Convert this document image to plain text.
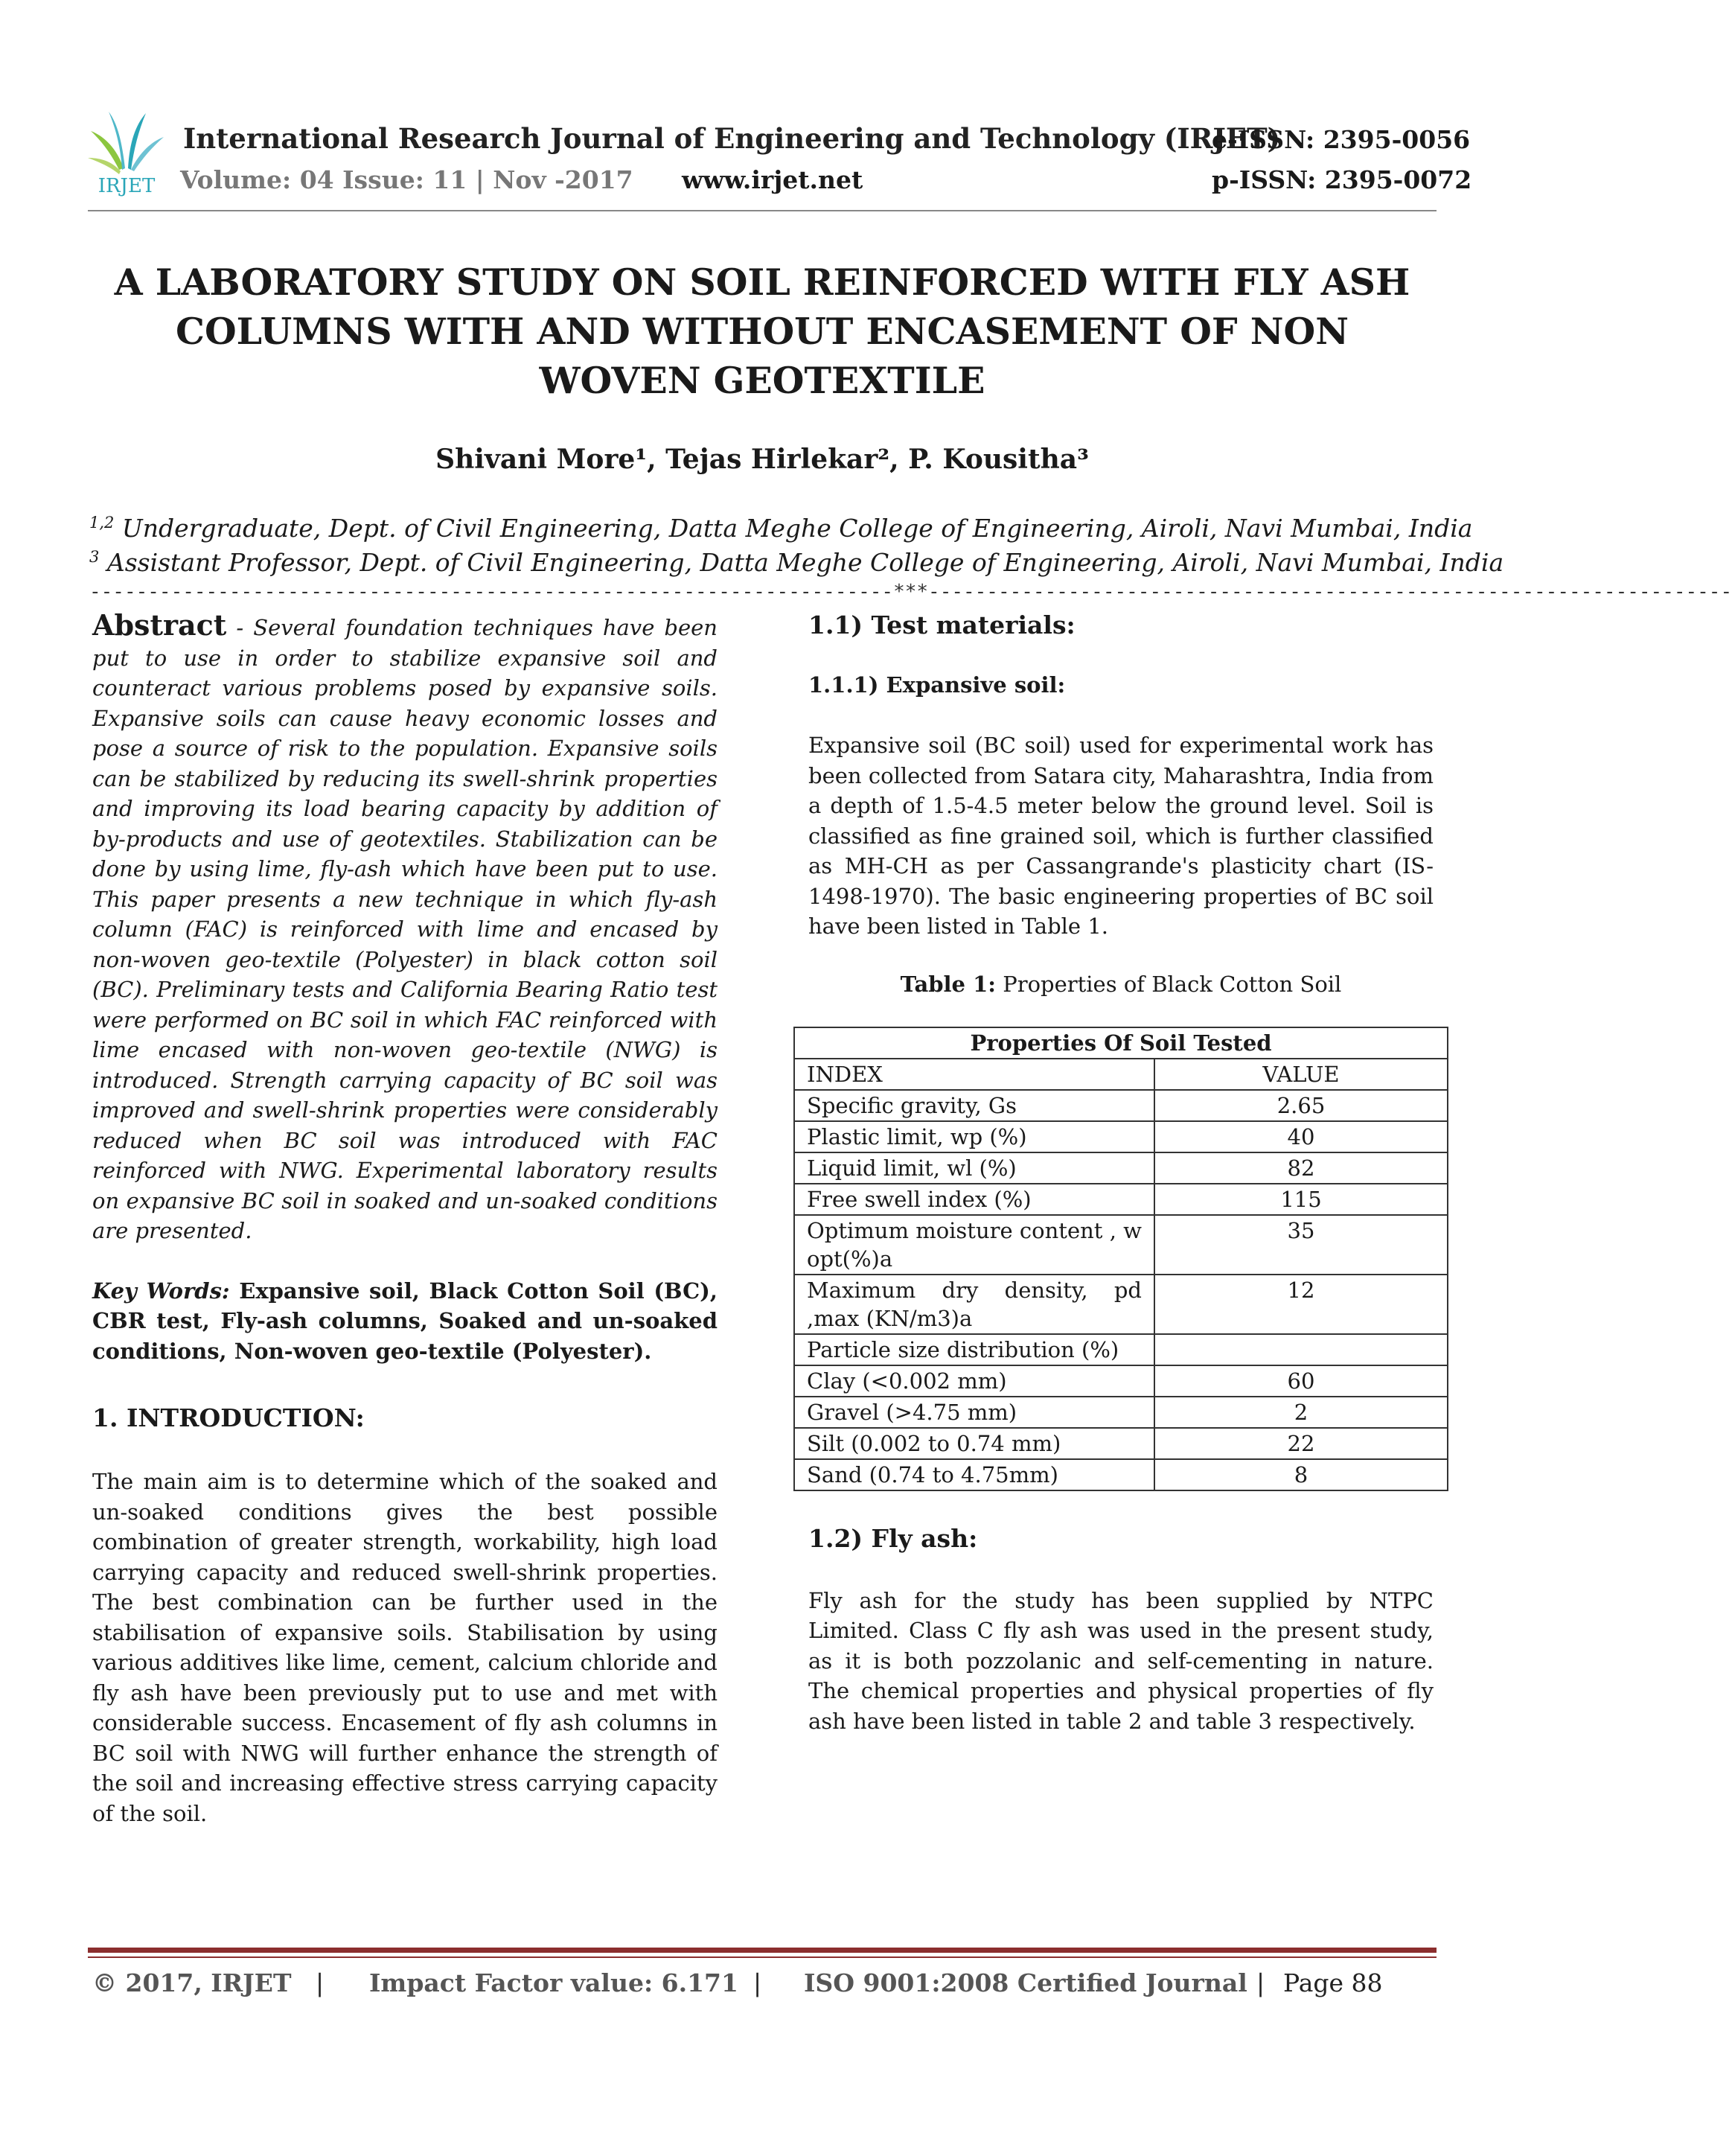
IRJET
International Research Journal of Engineering and Technology (IRJET)
e-ISSN: 2395-0056
Volume: 04 Issue: 11 | Nov -2017 www.irjet.net	p-ISSN: 2395-0072
A LABORATORY STUDY ON SOIL REINFORCED WITH FLY ASH COLUMNS WITH AND WITHOUT ENCASEMENT OF NON WOVEN GEOTEXTILE
Shivani More¹, Tejas Hirlekar², P. Kousitha³
$^{1,2}$ Undergraduate, Dept. of Civil Engineering, Datta Meghe College of Engineering, Airoli, Navi Mumbai, India
$^3$ Assistant Professor, Dept. of Civil Engineering, Datta Meghe College of Engineering, Airoli, Navi Mumbai, India
---------------------------------------------------------------------***---------------------------------------------------------------------

Abstract - Several foundation techniques have been put to use in order to stabilize expansive soil and counteract various problems posed by expansive soils. Expansive soils can cause heavy economic losses and pose a source of risk to the population. Expansive soils can be stabilized by reducing its swell-shrink properties and improving its load bearing capacity by addition of by-products and use of geotextiles. Stabilization can be done by using lime, fly-ash which have been put to use. This paper presents a new technique in which fly-ash column (FAC) is reinforced with lime and encased by non-woven geo-textile (Polyester) in black cotton soil (BC). Preliminary tests and California Bearing Ratio test were performed on BC soil in which FAC reinforced with lime encased with non-woven geo-textile (NWG) is introduced. Strength carrying capacity of BC soil was improved and swell-shrink properties were considerably reduced when BC soil was introduced with FAC reinforced with NWG. Experimental laboratory results on expansive BC soil in soaked and un-soaked conditions are presented.

Key Words: Expansive soil, Black Cotton Soil (BC), CBR test, Fly-ash columns, Soaked and un-soaked conditions, Non-woven geo-textile (Polyester).

1. INTRODUCTION:

The main aim is to determine which of the soaked and un-soaked conditions gives the best possible combination of greater strength, workability, high load carrying capacity and reduced swell-shrink properties. The best combination can be further used in the stabilisation of expansive soils. Stabilisation by using various additives like lime, cement, calcium chloride and fly ash have been previously put to use and met with considerable success. Encasement of fly ash columns in BC soil with NWG will further enhance the strength of the soil and increasing effective stress carrying capacity of the soil.

1.1) Test materials:
1.1.1) Expansive soil:

Expansive soil (BC soil) used for experimental work has been collected from Satara city, Maharashtra, India from a depth of 1.5-4.5 meter below the ground level. Soil is classified as fine grained soil, which is further classified as MH-CH as per Cassangrande's plasticity chart (IS-1498-1970). The basic engineering properties of BC soil have been listed in Table 1.

Table 1: Properties of Black Cotton Soil

Properties Of Soil Tested	
INDEX	VALUE
Specific gravity, Gs	2.65
Plastic limit, wp (%)	40
Liquid limit, wl (%)	82
Free swell index (%)	115
Optimum moisture content , w opt(%)a	35
Maximum dry density, pd ,max (KN/m3)a	12
Particle size distribution (%)	
Clay (<0.002 mm)	60
Gravel (>4.75 mm)	2
Silt (0.002 to 0.74 mm)	22
Sand (0.74 to 4.75mm)	8
1.2) Fly ash:

Fly ash for the study has been supplied by NTPC Limited. Class C fly ash was used in the present study, as it is both pozzolanic and self-cementing in nature. The chemical properties and physical properties of fly ash have been listed in table 2 and table 3 respectively.

© 2017, IRJET | Impact Factor value: 6.171 | ISO 9001:2008 Certified Journal | Page 88
